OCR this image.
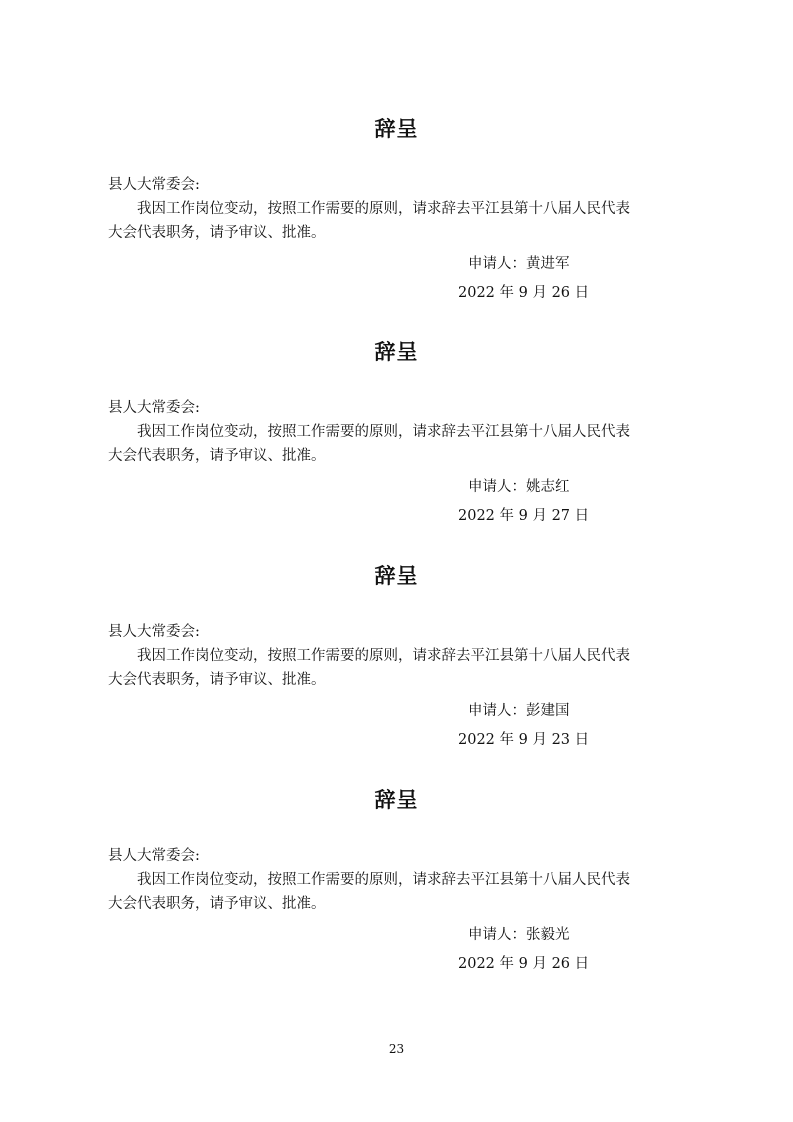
辞呈
县人大常委会:
我因工作岗位变动，按照工作需要的原则，请求辞去平江县第十八届人民代表
大会代表职务，请予审议、批准。
申请人：黄进军
2022 年 9 月 26 日
辞呈
县人大常委会:
我因工作岗位变动，按照工作需要的原则，请求辞去平江县第十八届人民代表
大会代表职务，请予审议、批准。
申请人：姚志红
2022 年 9 月 27 日
辞呈
县人大常委会:
我因工作岗位变动，按照工作需要的原则，请求辞去平江县第十八届人民代表
大会代表职务，请予审议、批准。
申请人：彭建国
2022 年 9 月 23 日
辞呈
县人大常委会:
我因工作岗位变动，按照工作需要的原则，请求辞去平江县第十八届人民代表
大会代表职务，请予审议、批准。
申请人：张毅光
2022 年 9 月 26 日
23
